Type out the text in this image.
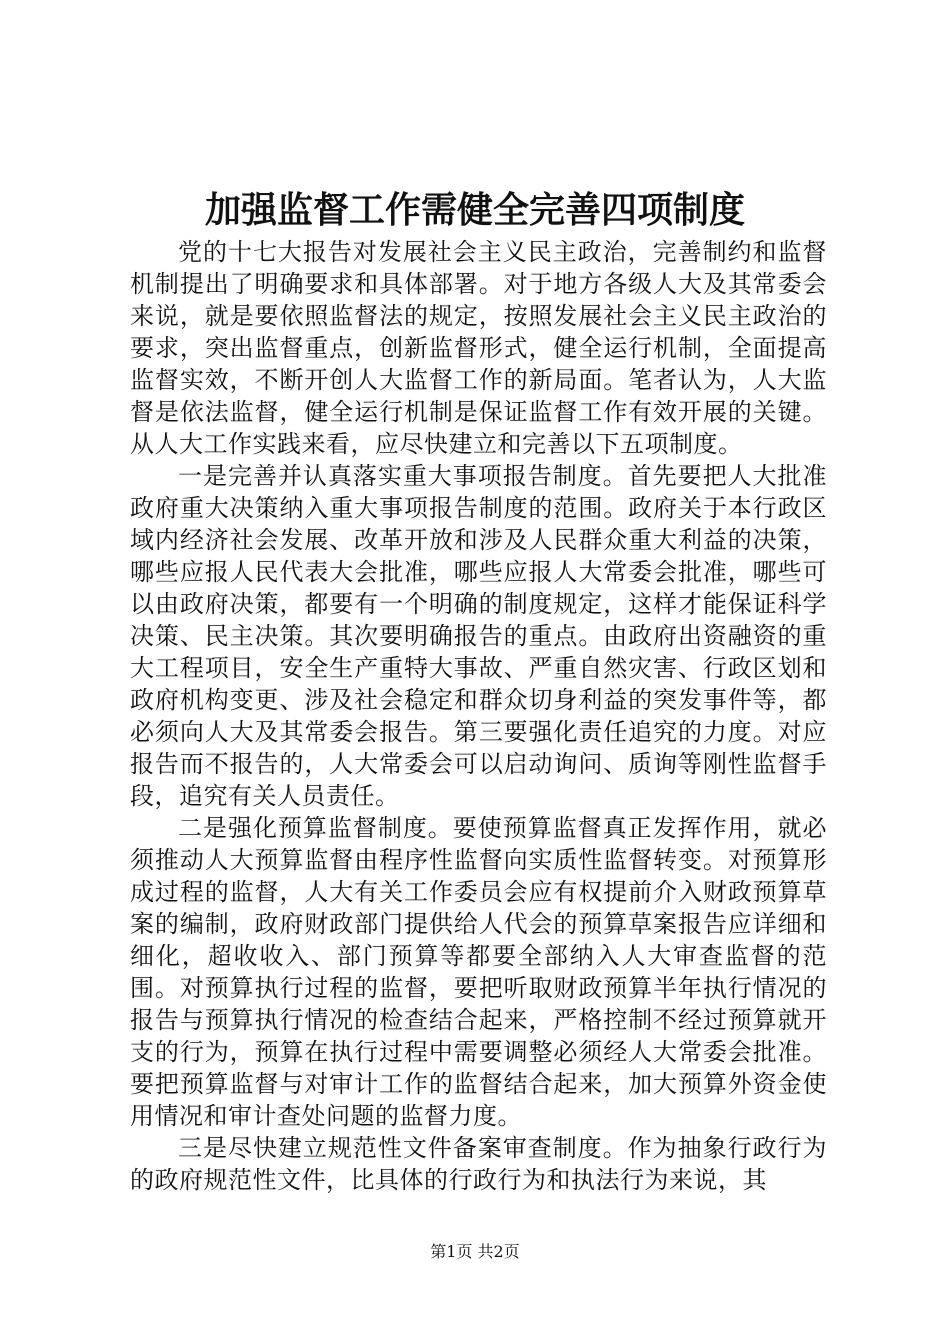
加强监督工作需健全完善四项制度

党的十七大报告对发展社会主义民主政治，完善制约和监督机制提出了明确要求和具体部署。对于地方各级人大及其常委会来说，就是要依照监督法的规定，按照发展社会主义民主政治的要求，突出监督重点，创新监督形式，健全运行机制，全面提高监督实效，不断开创人大监督工作的新局面。笔者认为，人大监督是依法监督，健全运行机制是保证监督工作有效开展的关键。从人大工作实践来看，应尽快建立和完善以下五项制度。

一是完善并认真落实重大事项报告制度。首先要把人大批准政府重大决策纳入重大事项报告制度的范围。政府关于本行政区域内经济社会发展、改革开放和涉及人民群众重大利益的决策，哪些应报人民代表大会批准，哪些应报人大常委会批准，哪些可以由政府决策，都要有一个明确的制度规定，这样才能保证科学决策、民主决策。其次要明确报告的重点。由政府出资融资的重大工程项目，安全生产重特大事故、严重自然灾害、行政区划和政府机构变更、涉及社会稳定和群众切身利益的突发事件等，都必须向人大及其常委会报告。第三要强化责任追究的力度。对应报告而不报告的，人大常委会可以启动询问、质询等刚性监督手段，追究有关人员责任。

二是强化预算监督制度。要使预算监督真正发挥作用，就必须推动人大预算监督由程序性监督向实质性监督转变。对预算形成过程的监督，人大有关工作委员会应有权提前介入财政预算草案的编制，政府财政部门提供给人代会的预算草案报告应详细和细化，超收收入、部门预算等都要全部纳入人大审查监督的范围。对预算执行过程的监督，要把听取财政预算半年执行情况的报告与预算执行情况的检查结合起来，严格控制不经过预算就开支的行为，预算在执行过程中需要调整必须经人大常委会批准。要把预算监督与对审计工作的监督结合起来，加大预算外资金使用情况和审计查处问题的监督力度。

三是尽快建立规范性文件备案审查制度。作为抽象行政行为的政府规范性文件，比具体的行政行为和执法行为来说，其

第1页 共2页
